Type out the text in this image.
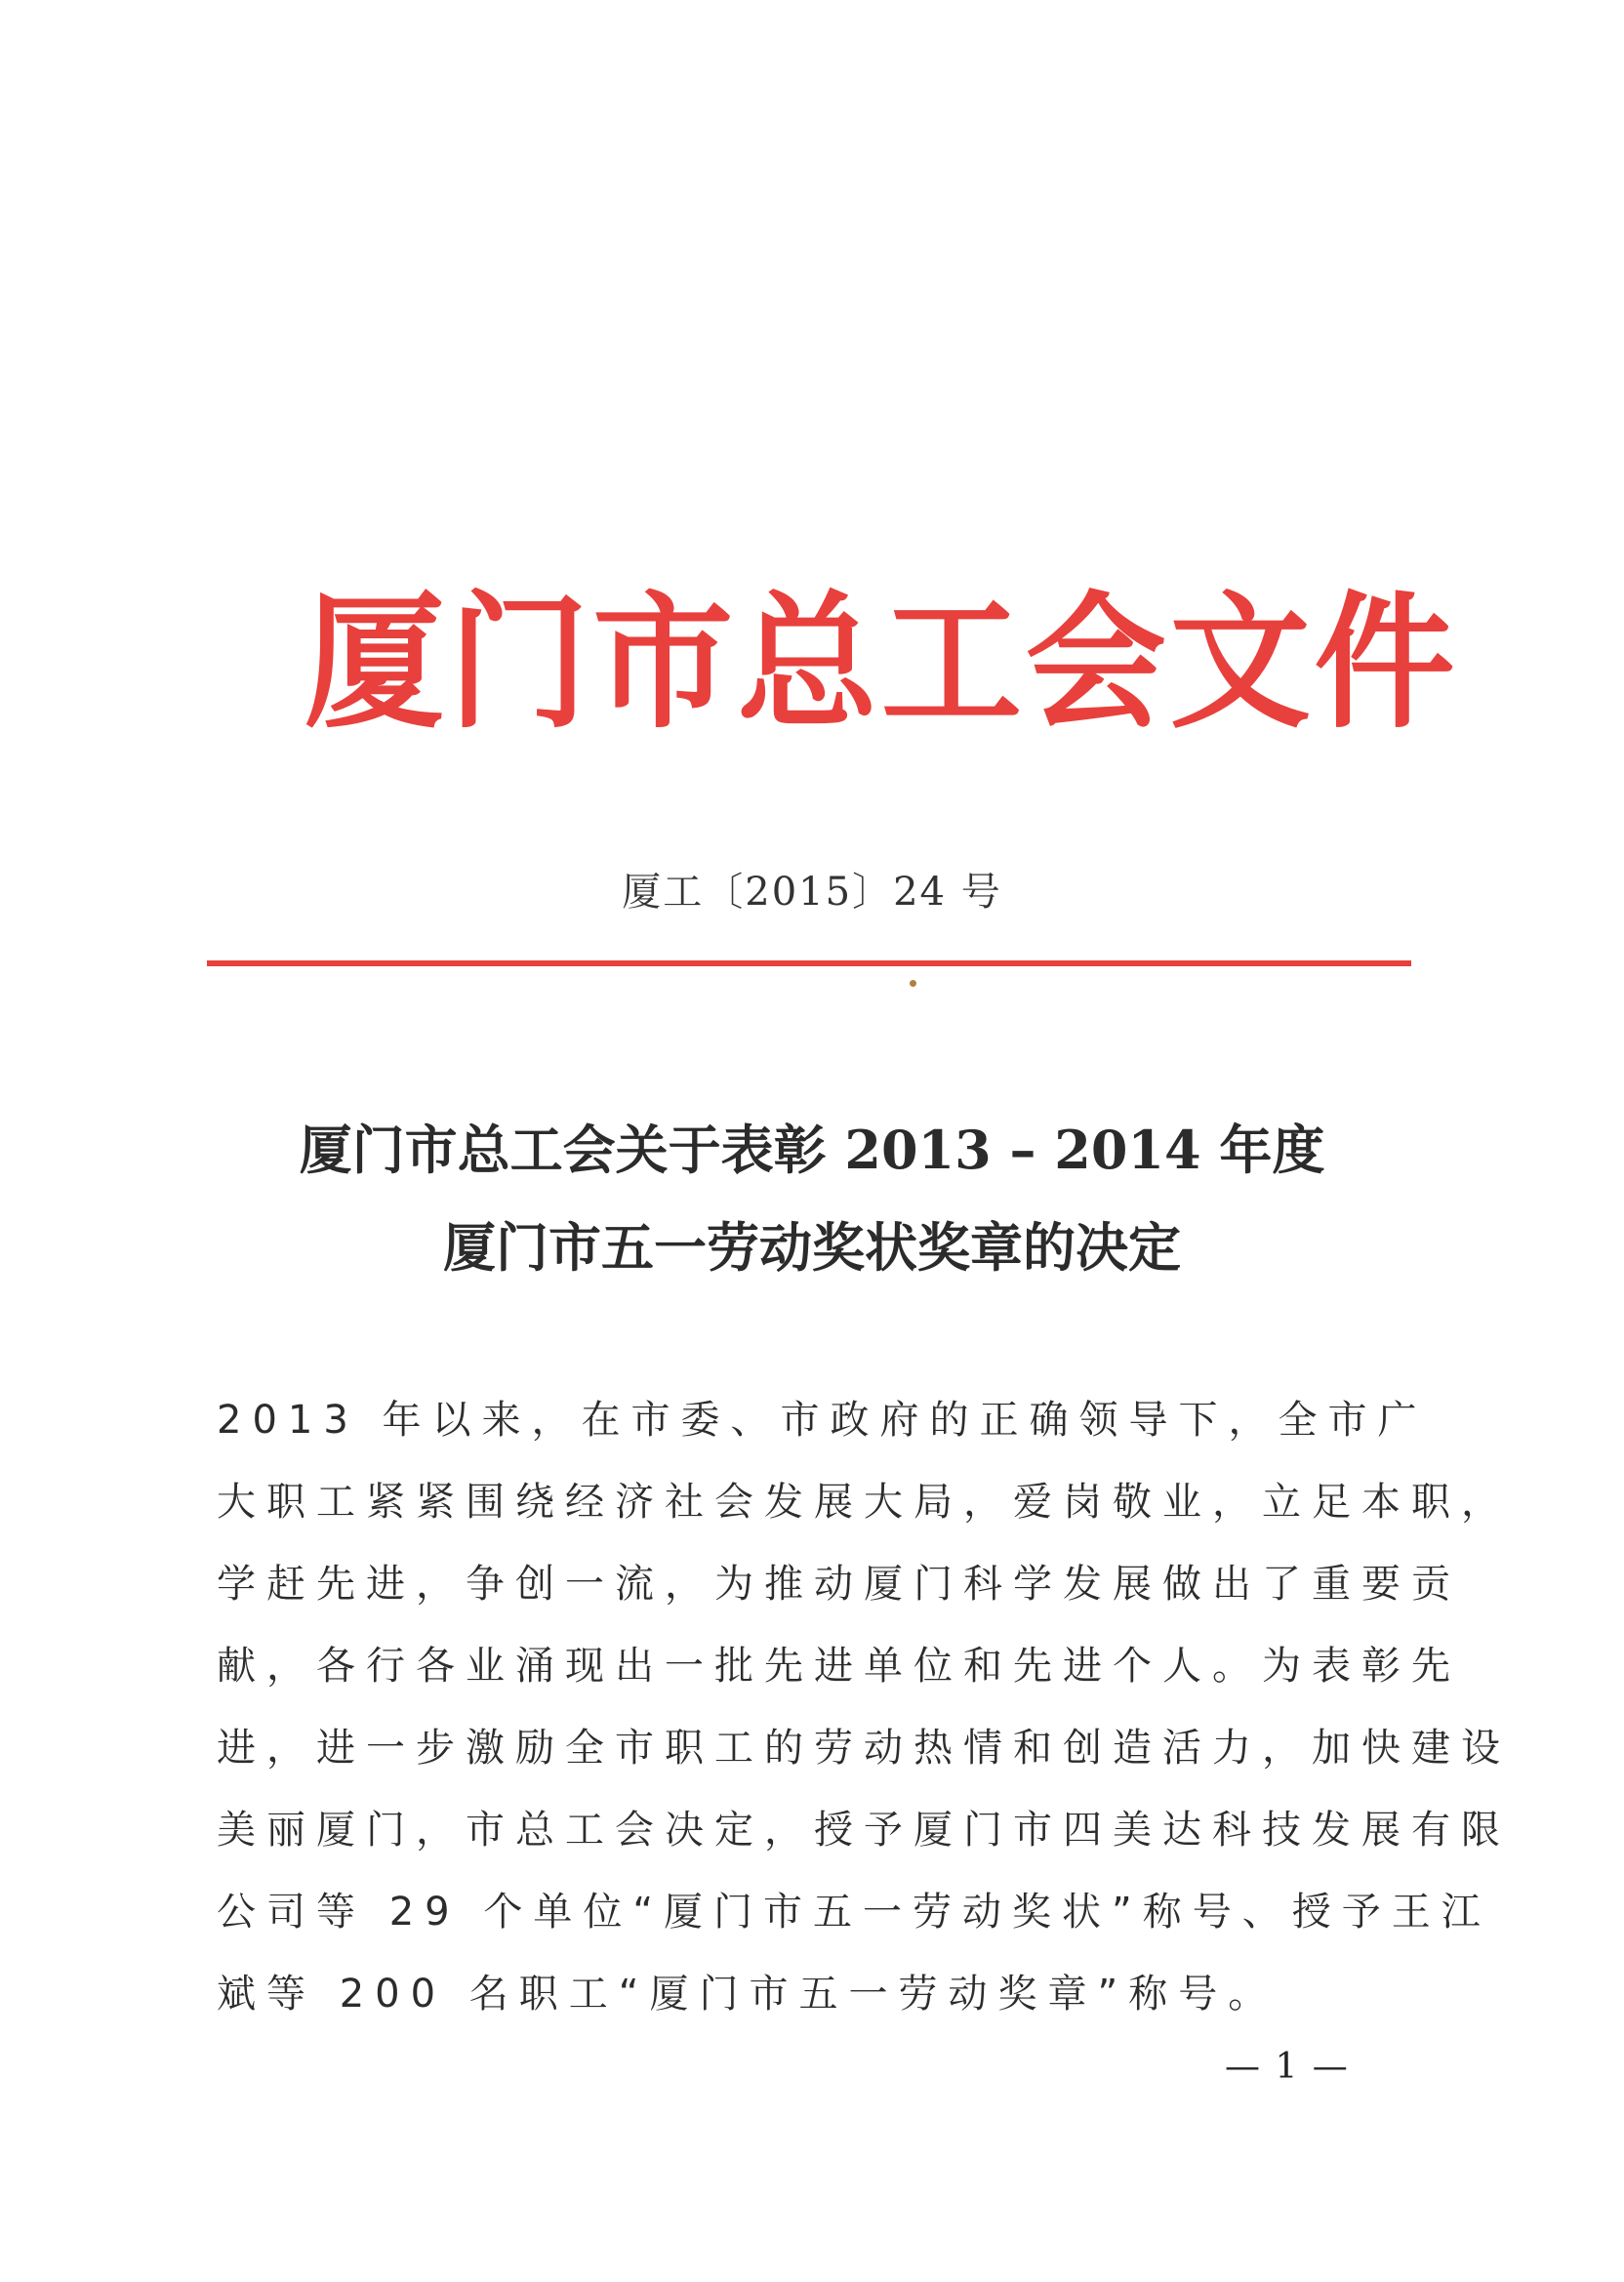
厦门市总工会文件
厦工〔2015〕24 号
厦门市总工会关于表彰 2013 – 2014 年度
厦门市五一劳动奖状奖章的决定
2013 年以来，在市委、市政府的正确领导下，全市广
大职工紧紧围绕经济社会发展大局，爱岗敬业，立足本职，
学赶先进，争创一流，为推动厦门科学发展做出了重要贡
献，各行各业涌现出一批先进单位和先进个人。为表彰先
进，进一步激励全市职工的劳动热情和创造活力，加快建设
美丽厦门，市总工会决定，授予厦门市四美达科技发展有限
公司等 29 个单位“厦门市五一劳动奖状”称号、授予王江
斌等 200 名职工“厦门市五一劳动奖章”称号。
— 1 —
